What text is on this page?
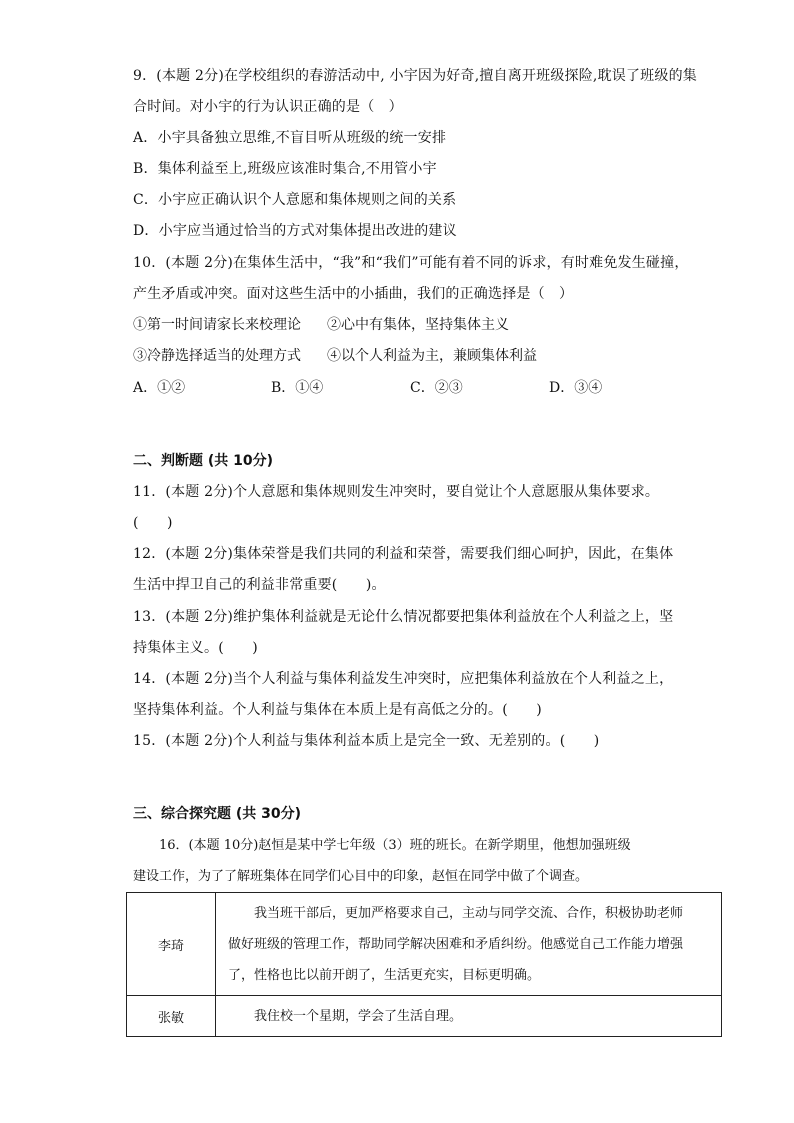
9．(本题 2分)在学校组织的春游活动中, 小宇因为好奇,擅自离开班级探险,耽误了班级的集
合时间。对小宇的行为认识正确的是（　）
A．小宇具备独立思维,不盲目听从班级的统一安排
B．集体利益至上,班级应该准时集合,不用管小宇
C．小宇应正确认识个人意愿和集体规则之间的关系
D．小宇应当通过恰当的方式对集体提出改进的建议
10．(本题 2分)在集体生活中，“我”和“我们”可能有着不同的诉求，有时难免发生碰撞，
产生矛盾或冲突。面对这些生活中的小插曲，我们的正确选择是（　）
①第一时间请家长来校理论 ②心中有集体，坚持集体主义
③冷静选择适当的处理方式 ④以个人利益为主，兼顾集体利益
A．①②	B．①④	C．②③	D．③④
二、判断题 (共 10分)
11．(本题 2分)个人意愿和集体规则发生冲突时，要自觉让个人意愿服从集体要求。
(　　)
12．(本题 2分)集体荣誉是我们共同的利益和荣誉，需要我们细心呵护，因此，在集体
生活中捍卫自己的利益非常重要(　　)。
13．(本题 2分)维护集体利益就是无论什么情况都要把集体利益放在个人利益之上，坚
持集体主义。(　　)
14．(本题 2分)当个人利益与集体利益发生冲突时，应把集体利益放在个人利益之上，
坚持集体利益。个人利益与集体在本质上是有高低之分的。(　　)
15．(本题 2分)个人利益与集体利益本质上是完全一致、无差别的。(　　)
三、综合探究题 (共 30分)
16．(本题 10分)赵恒是某中学七年级（3）班的班长。在新学期里，他想加强班级
建设工作，为了了解班集体在同学们心目中的印象，赵恒在同学中做了个调查。
李琦	我当班干部后，更加严格要求自己，主动与同学交流、合作，积极协助老师
做好班级的管理工作，帮助同学解决困难和矛盾纠纷。他感觉自己工作能力增强
了，性格也比以前开朗了，生活更充实，目标更明确。

张敏	我住校一个星期，学会了生活自理。
